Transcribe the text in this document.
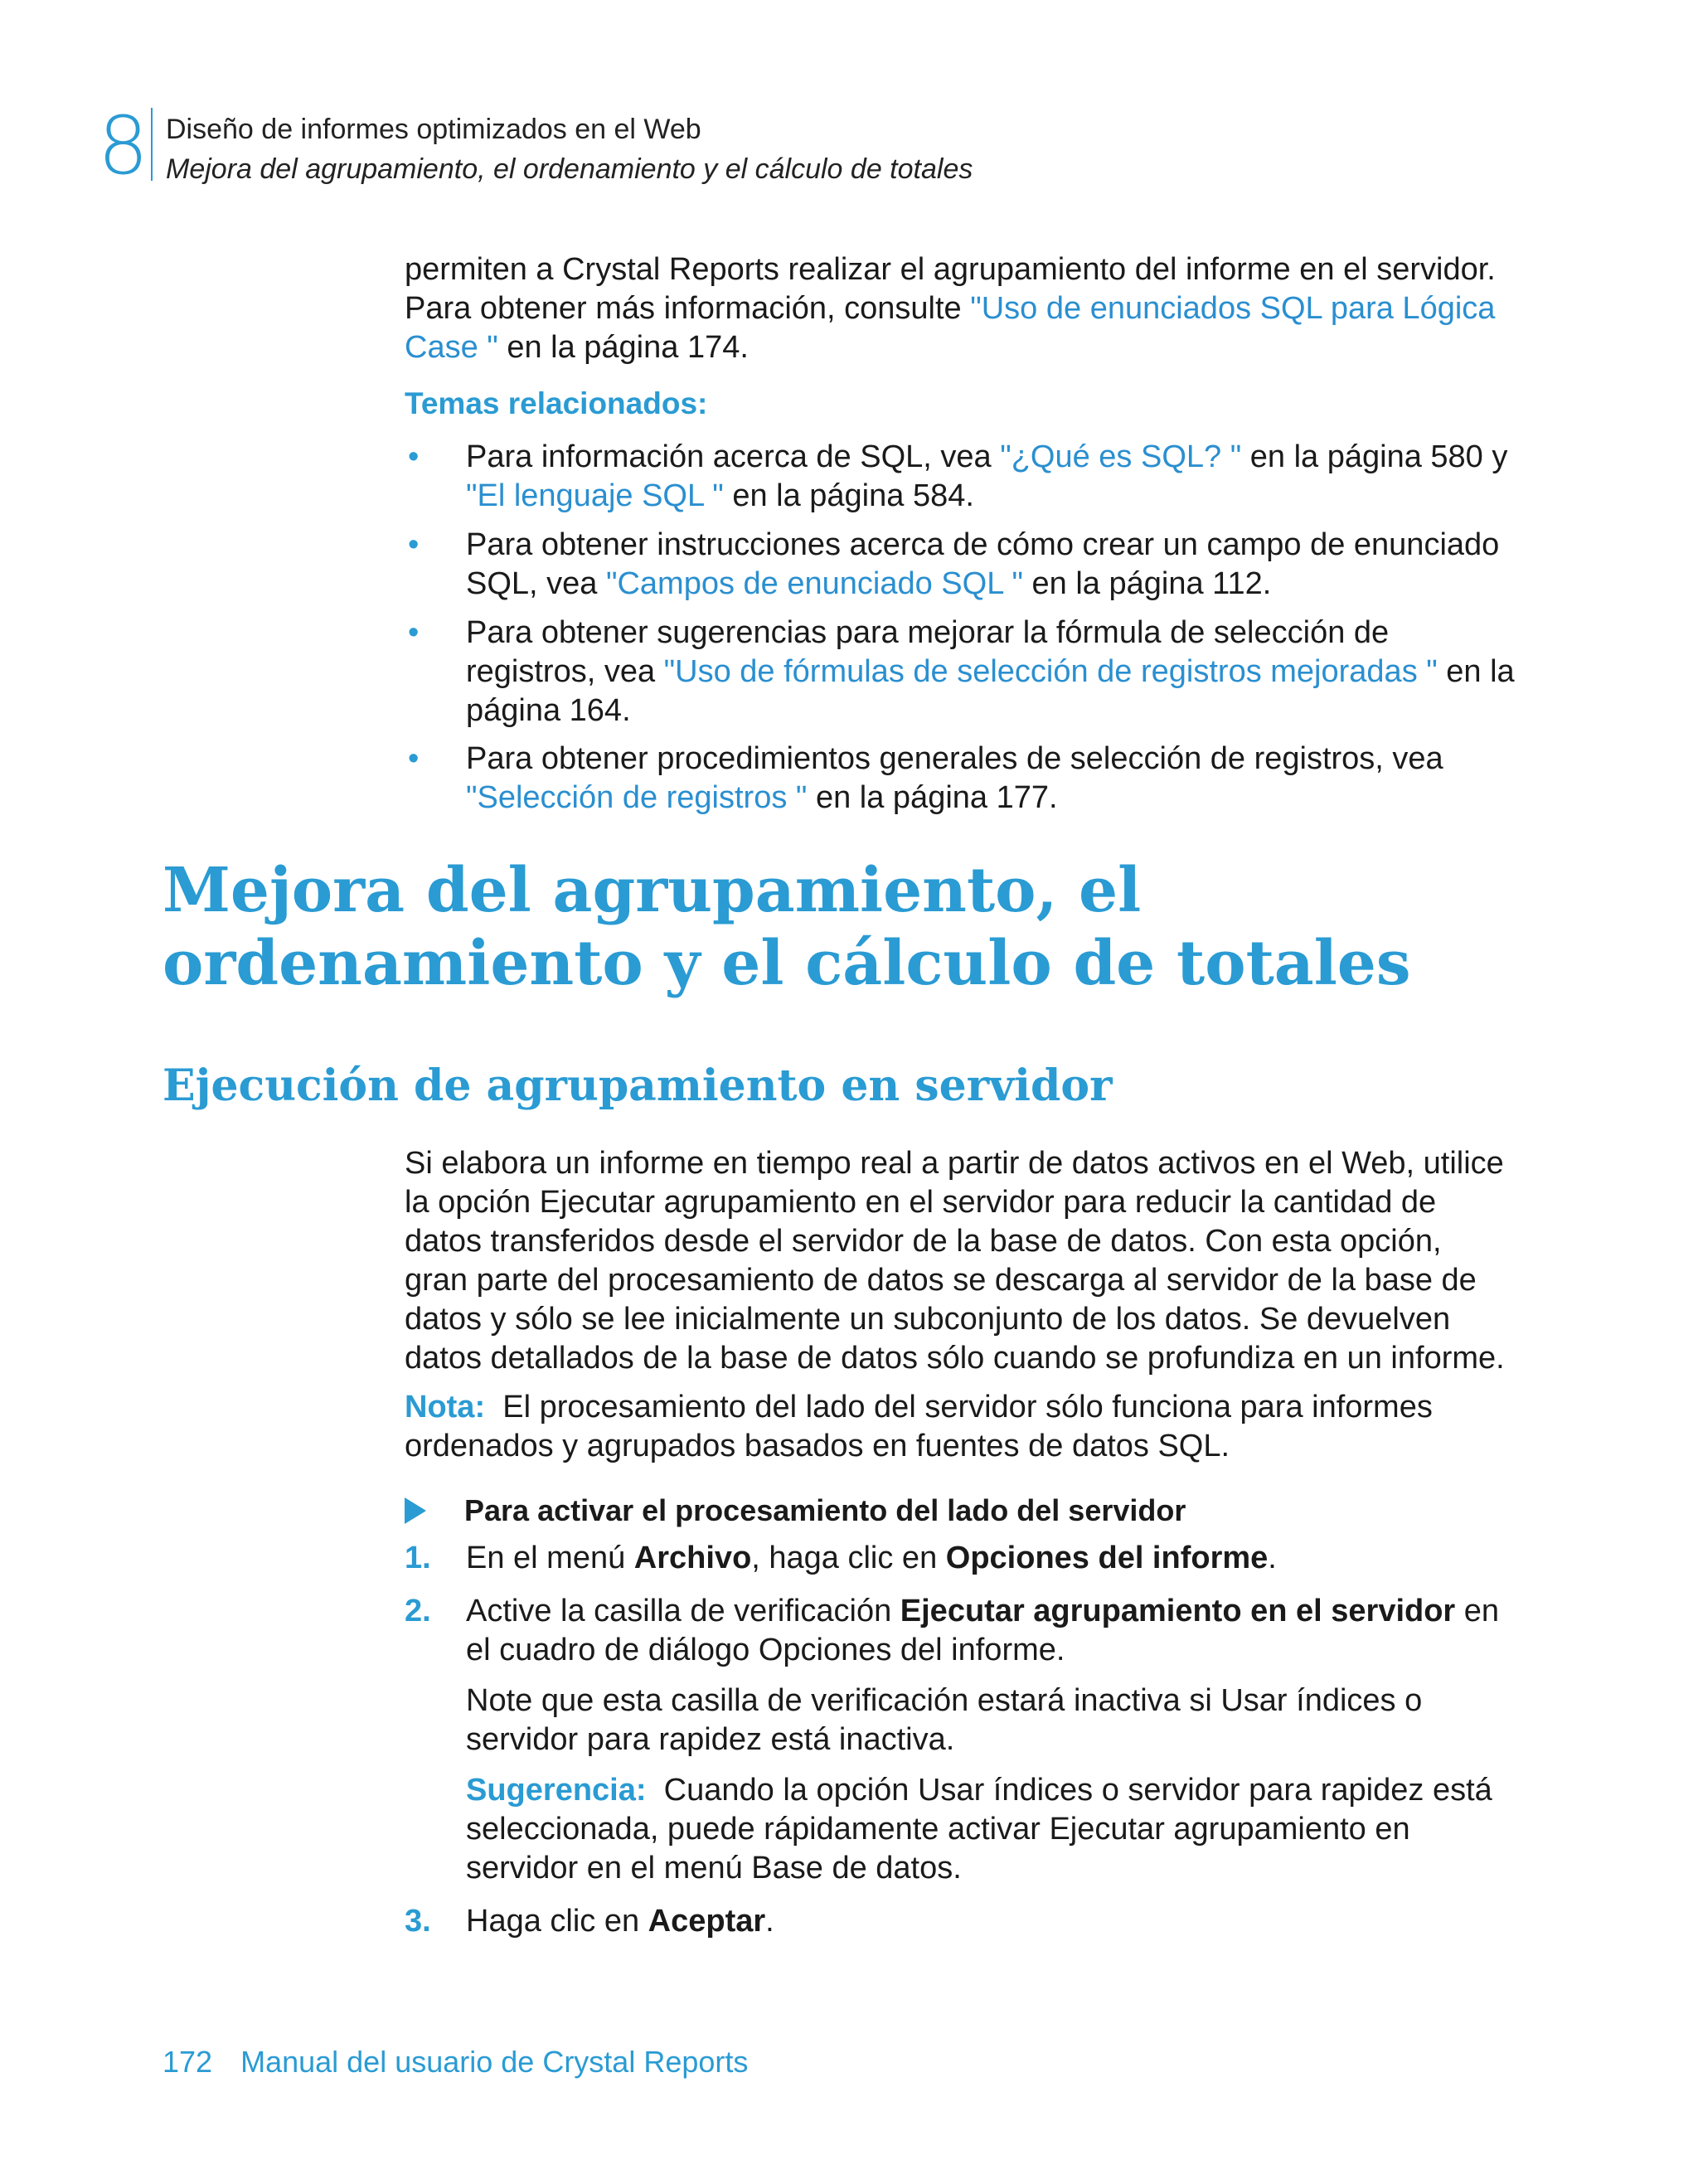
8 Diseño de informes optimizados en el Web
Mejora del agrupamiento, el ordenamiento y el cálculo de totales

permiten a Crystal Reports realizar el agrupamiento del informe en el servidor. Para obtener más información, consulte "Uso de enunciados SQL para Lógica Case " en la página 174.

Temas relacionados:
• Para información acerca de SQL, vea "¿Qué es SQL? " en la página 580 y "El lenguaje SQL " en la página 584.
• Para obtener instrucciones acerca de cómo crear un campo de enunciado SQL, vea "Campos de enunciado SQL " en la página 112.
• Para obtener sugerencias para mejorar la fórmula de selección de registros, vea "Uso de fórmulas de selección de registros mejoradas " en la página 164.
• Para obtener procedimientos generales de selección de registros, vea "Selección de registros " en la página 177.
Mejora del agrupamiento, el ordenamiento y el cálculo de totales
Ejecución de agrupamiento en servidor

Si elabora un informe en tiempo real a partir de datos activos en el Web, utilice la opción Ejecutar agrupamiento en el servidor para reducir la cantidad de datos transferidos desde el servidor de la base de datos. Con esta opción, gran parte del procesamiento de datos se descarga al servidor de la base de datos y sólo se lee inicialmente un subconjunto de los datos. Se devuelven datos detallados de la base de datos sólo cuando se profundiza en un informe.

Nota: El procesamiento del lado del servidor sólo funciona para informes ordenados y agrupados basados en fuentes de datos SQL.

Para activar el procesamiento del lado del servidor
1. En el menú Archivo, haga clic en Opciones del informe.

2. Active la casilla de verificación Ejecutar agrupamiento en el servidor en el cuadro de diálogo Opciones del informe.

Note que esta casilla de verificación estará inactiva si Usar índices o servidor para rapidez está inactiva.

Sugerencia: Cuando la opción Usar índices o servidor para rapidez está seleccionada, puede rápidamente activar Ejecutar agrupamiento en servidor en el menú Base de datos.

3. Haga clic en Aceptar.

172 Manual del usuario de Crystal Reports
